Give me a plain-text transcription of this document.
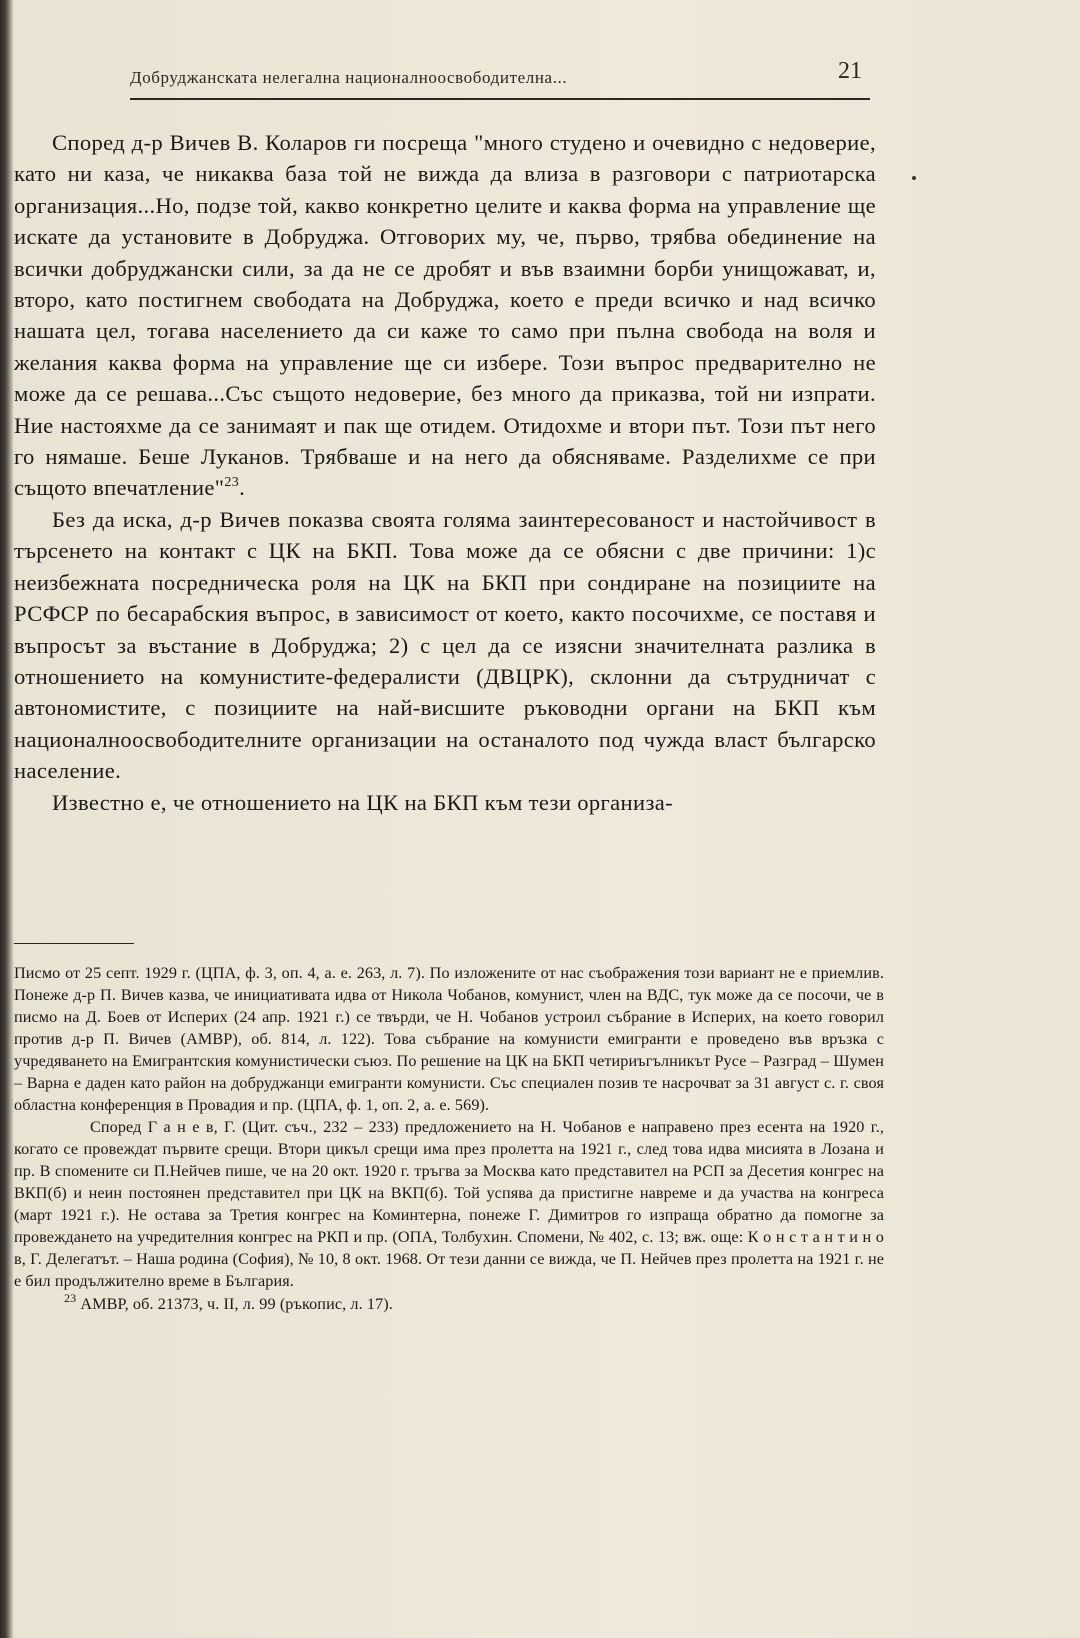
Добруджанската нелегална националноосвободителна...	21

Според д-р Вичев В. Коларов ги посреща "много студено и очевидно с недоверие, като ни каза, че никаква база той не вижда да влиза в разговори с патриотарска организация...Но, подзе той, какво конкретно целите и каква форма на управление ще искате да установите в Добруджа. Отговорих му, че, първо, трябва обединение на всички добруджански сили, за да не се дробят и във взаимни борби унищожават, и, второ, като постигнем свободата на Добруджа, което е преди всичко и над всичко нашата цел, тогава населението да си каже то само при пълна свобода на воля и желания каква форма на управление ще си избере. Този въпрос предварително не може да се решава...Със същото недоверие, без много да приказва, той ни изпрати. Ние настояхме да се занимаят и пак ще отидем. Отидохме и втори път. Този път него го нямаше. Беше Луканов. Трябваше и на него да обясняваме. Разделихме се при същото впечатление"$^{23}$.

Без да иска, д-р Вичев показва своята голяма заинтересованост и настойчивост в търсенето на контакт с ЦК на БКП. Това може да се обясни с две причини: 1)с неизбежната посредническа роля на ЦК на БКП при сондиране на позициите на РСФСР по бесарабския въпрос, в зависимост от което, както посочихме, се поставя и въпросът за въстание в Добруджа; 2) с цел да се изясни значителната разлика в отношението на комунистите-федералисти (ДВЦРК), склонни да сътрудничат с автономистите, с позициите на най-висшите ръководни органи на БКП към националноосвободителните организации на останалото под чужда власт българско население.

Известно е, че отношението на ЦК на БКП към тези организа-

Писмо от 25 септ. 1929 г. (ЦПА, ф. 3, оп. 4, а. е. 263, л. 7). По изложените от нас съображения този вариант не е приемлив. Понеже д-р П. Вичев казва, че инициативата идва от Никола Чобанов, комунист, член на ВДС, тук може да се посочи, че в писмо на Д. Боев от Исперих (24 апр. 1921 г.) се твърди, че Н. Чобанов устроил събрание в Исперих, на което говорил против д-р П. Вичев (АМВР), об. 814, л. 122). Това събрание на комунисти емигранти е проведено във връзка с учредяването на Емигрантския комунистически съюз. По решение на ЦК на БКП четириъгълникът Русе – Разград – Шумен – Варна е даден като район на добруджанци емигранти комунисти. Със специален позив те насрочват за 31 август с. г. своя областна конференция в Провадия и пр. (ЦПА, ф. 1, оп. 2, а. е. 569).

Според Г а н е в, Г. (Цит. съч., 232 – 233) предложението на Н. Чобанов е направено през есента на 1920 г., когато се провеждат първите срещи. Втори цикъл срещи има през пролетта на 1921 г., след това идва мисията в Лозана и пр. В спомените си П.Нейчев пише, че на 20 окт. 1920 г. тръгва за Москва като представител на РСП за Десетия конгрес на ВКП(б) и неин постоянен представител при ЦК на ВКП(б). Той успява да пристигне навреме и да участва на конгреса (март 1921 г.). Не остава за Третия конгрес на Коминтерна, понеже Г. Димитров го изпраща обратно да помогне за провеждането на учредителния конгрес на РКП и пр. (ОПА, Толбухин. Спомени, № 402, с. 13; вж. още: К о н с т а н т и н о в, Г. Делегатът. – Наша родина (София), № 10, 8 окт. 1968. От тези данни се вижда, че П. Нейчев през пролетта на 1921 г. не е бил продължително време в България.

$^{23}$ АМВР, об. 21373, ч. II, л. 99 (ръкопис, л. 17).
